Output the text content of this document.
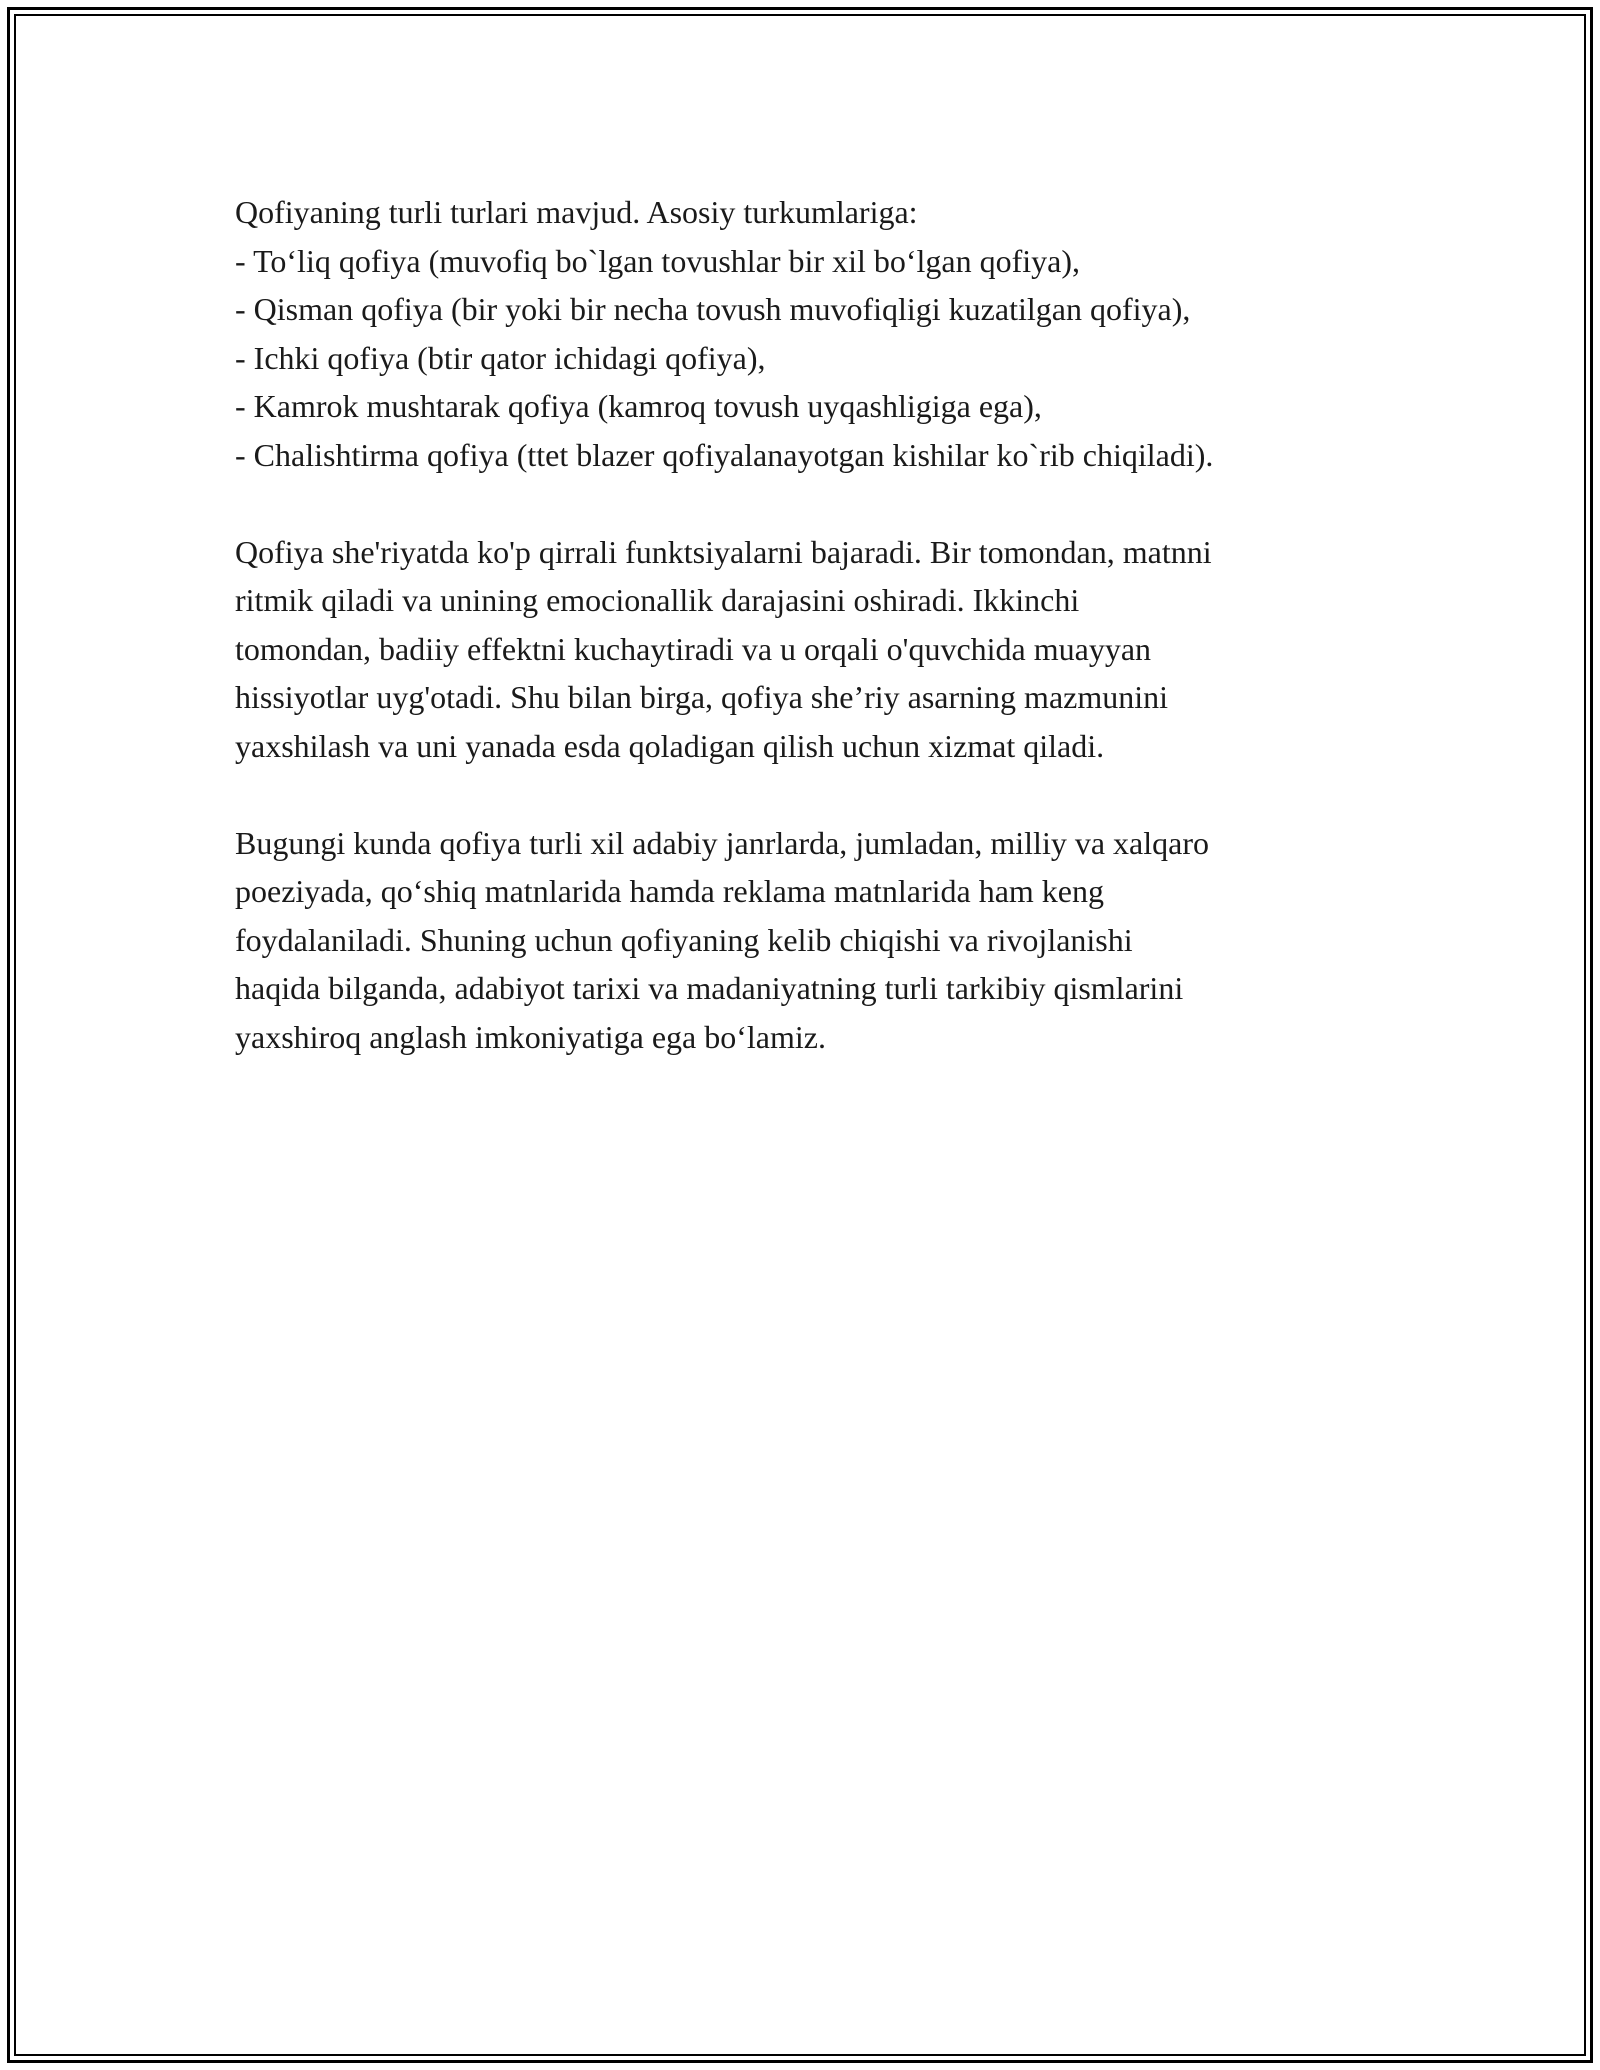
Qofiyaning turli turlari mavjud. Asosiy turkumlariga:
- To‘liq qofiya (muvofiq bo`lgan tovushlar bir xil bo‘lgan qofiya),
- Qisman qofiya (bir yoki bir necha tovush muvofiqligi kuzatilgan qofiya),
- Ichki qofiya (btir qator ichidagi qofiya),
- Kamrok mushtarak qofiya (kamroq tovush uyqashligiga ega),
- Chalishtirma qofiya (ttet blazer qofiyalanayotgan kishilar ko`rib chiqiladi).
Qofiya she'riyatda ko'p qirrali funktsiyalarni bajaradi. Bir tomondan, matnni
ritmik qiladi va unining emocionallik darajasini oshiradi. Ikkinchi
tomondan, badiiy effektni kuchaytiradi va u orqali o'quvchida muayyan
hissiyotlar uyg'otadi. Shu bilan birga, qofiya she’riy asarning mazmunini
yaxshilash va uni yanada esda qoladigan qilish uchun xizmat qiladi.
Bugungi kunda qofiya turli xil adabiy janrlarda, jumladan, milliy va xalqaro
poeziyada, qo‘shiq matnlarida hamda reklama matnlarida ham keng
foydalaniladi. Shuning uchun qofiyaning kelib chiqishi va rivojlanishi
haqida bilganda, adabiyot tarixi va madaniyatning turli tarkibiy qismlarini
yaxshiroq anglash imkoniyatiga ega bo‘lamiz.
